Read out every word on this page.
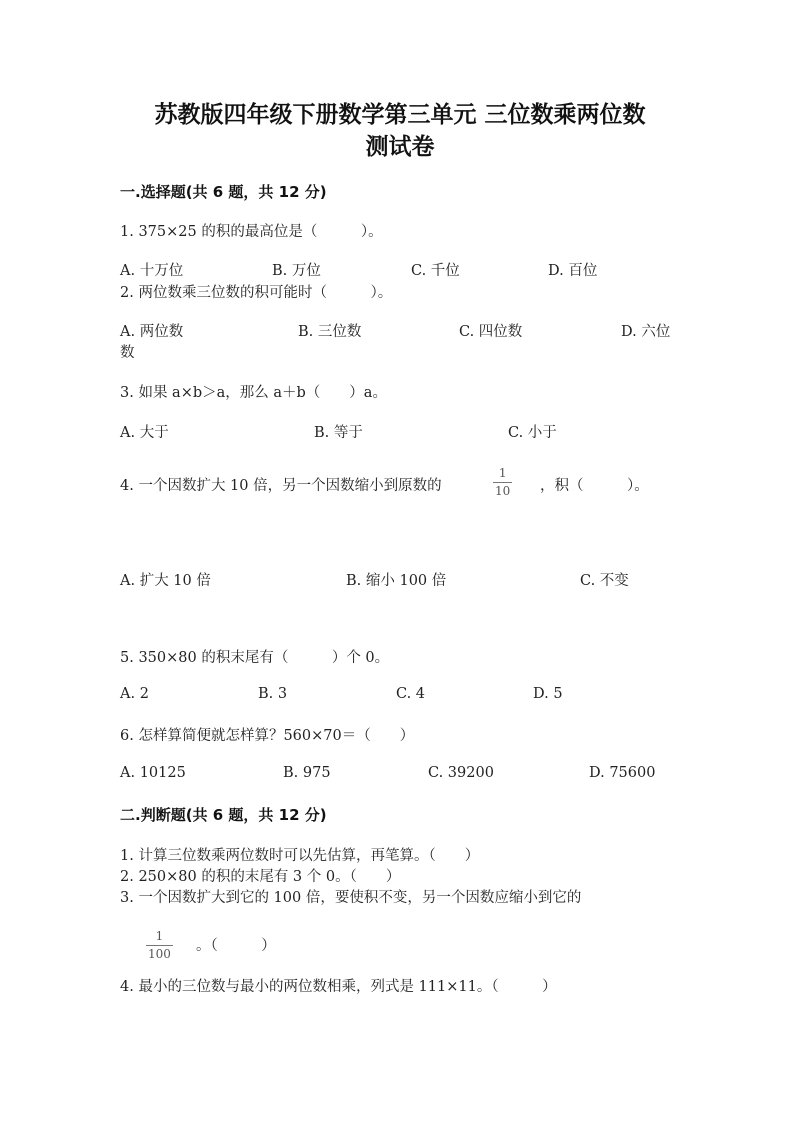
苏教版四年级下册数学第三单元 三位数乘两位数
测试卷
一.选择题(共 6 题，共 12 分)
1. 375×25 的积的最高位是（　　　）。
A. 十万位	B. 万位	C. 千位	D. 百位
2. 两位数乘三位数的积可能时（　　　）。
A. 两位数	B. 三位数	C. 四位数	D. 六位
数
3. 如果 a×b＞a，那么 a＋b（　　）a。
A. 大于	B. 等于	C. 小于
4. 一个因数扩大 10 倍，另一个因数缩小到原数的
1
10 ，积（　　　）。
A. 扩大 10 倍	B. 缩小 100 倍	C. 不变
5. 350×80 的积末尾有（　　　）个 0。
A. 2	B. 3	C. 4	D. 5
6. 怎样算简便就怎样算？560×70＝（　　）
A. 10125	B. 975	C. 39200	D. 75600
二.判断题(共 6 题，共 12 分)
1. 计算三位数乘两位数时可以先估算，再笔算。（　　）
2. 250×80 的积的末尾有 3 个 0。（　　）
3. 一个因数扩大到它的 100 倍，要使积不变，另一个因数应缩小到它的
1
100 。（　　　）
4. 最小的三位数与最小的两位数相乘，列式是 111×11。（　　　）
